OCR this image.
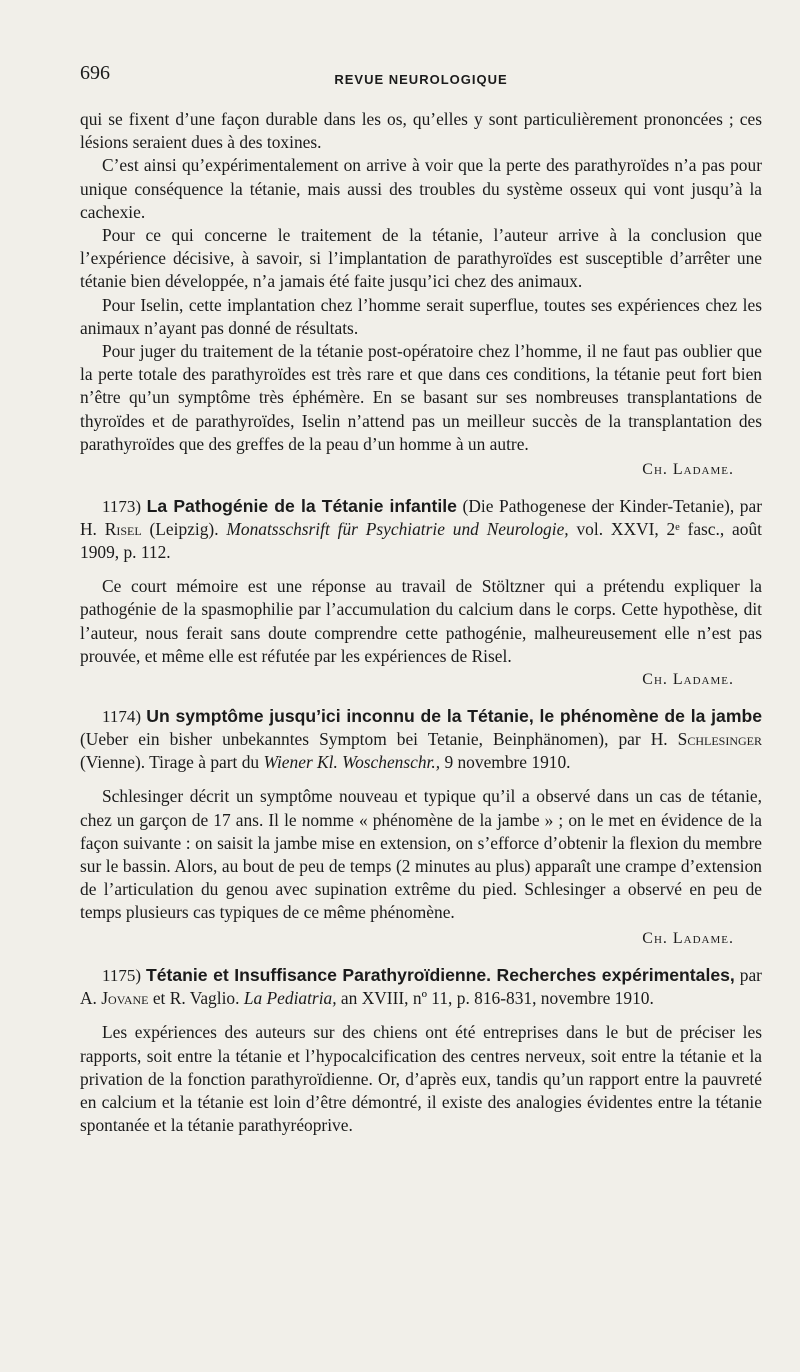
696	REVUE NEUROLOGIQUE

qui se fixent d’une façon durable dans les os, qu’elles y sont particulièrement prononcées ; ces lésions seraient dues à des toxines.

C’est ainsi qu’expérimentalement on arrive à voir que la perte des parathyroïdes n’a pas pour unique conséquence la tétanie, mais aussi des troubles du système osseux qui vont jusqu’à la cachexie.

Pour ce qui concerne le traitement de la tétanie, l’auteur arrive à la conclusion que l’expérience décisive, à savoir, si l’implantation de parathyroïdes est susceptible d’arrêter une tétanie bien développée, n’a jamais été faite jusqu’ici chez des animaux.

Pour Iselin, cette implantation chez l’homme serait superflue, toutes ses expériences chez les animaux n’ayant pas donné de résultats.

Pour juger du traitement de la tétanie post-opératoire chez l’homme, il ne faut pas oublier que la perte totale des parathyroïdes est très rare et que dans ces conditions, la tétanie peut fort bien n’être qu’un symptôme très éphémère. En se basant sur ses nombreuses transplantations de thyroïdes et de parathyroïdes, Iselin n’attend pas un meilleur succès de la transplantation des parathyroïdes que des greffes de la peau d’un homme à un autre.

Ch. Ladame.

1173) La Pathogénie de la Tétanie infantile (Die Pathogenese der Kinder-Tetanie), par H. Risel (Leipzig). Monatsschsrift für Psychiatrie und Neurologie, vol. XXVI, 2ᵉ fasc., août 1909, p. 112.

Ce court mémoire est une réponse au travail de Stöltzner qui a prétendu expliquer la pathogénie de la spasmophilie par l’accumulation du calcium dans le corps. Cette hypothèse, dit l’auteur, nous ferait sans doute comprendre cette pathogénie, malheureusement elle n’est pas prouvée, et même elle est réfutée par les expériences de Risel.

Ch. Ladame.

1174) Un symptôme jusqu’ici inconnu de la Tétanie, le phénomène de la jambe (Ueber ein bisher unbekanntes Symptom bei Tetanie, Beinphänomen), par H. Schlesinger (Vienne). Tirage à part du Wiener Kl. Woschenschr., 9 novembre 1910.

Schlesinger décrit un symptôme nouveau et typique qu’il a observé dans un cas de tétanie, chez un garçon de 17 ans. Il le nomme « phénomène de la jambe » ; on le met en évidence de la façon suivante : on saisit la jambe mise en extension, on s’efforce d’obtenir la flexion du membre sur le bassin. Alors, au bout de peu de temps (2 minutes au plus) apparaît une crampe d’extension de l’articulation du genou avec supination extrême du pied. Schlesinger a observé en peu de temps plusieurs cas typiques de ce même phénomène.

Ch. Ladame.

1175) Tétanie et Insuffisance Parathyroïdienne. Recherches expérimentales, par A. Jovane et R. Vaglio. La Pediatria, an XVIII, nº 11, p. 816-831, novembre 1910.

Les expériences des auteurs sur des chiens ont été entreprises dans le but de préciser les rapports, soit entre la tétanie et l’hypocalcification des centres nerveux, soit entre la tétanie et la privation de la fonction parathyroïdienne. Or, d’après eux, tandis qu’un rapport entre la pauvreté en calcium et la tétanie est loin d’être démontré, il existe des analogies évidentes entre la tétanie spontanée et la tétanie parathyréoprive.
